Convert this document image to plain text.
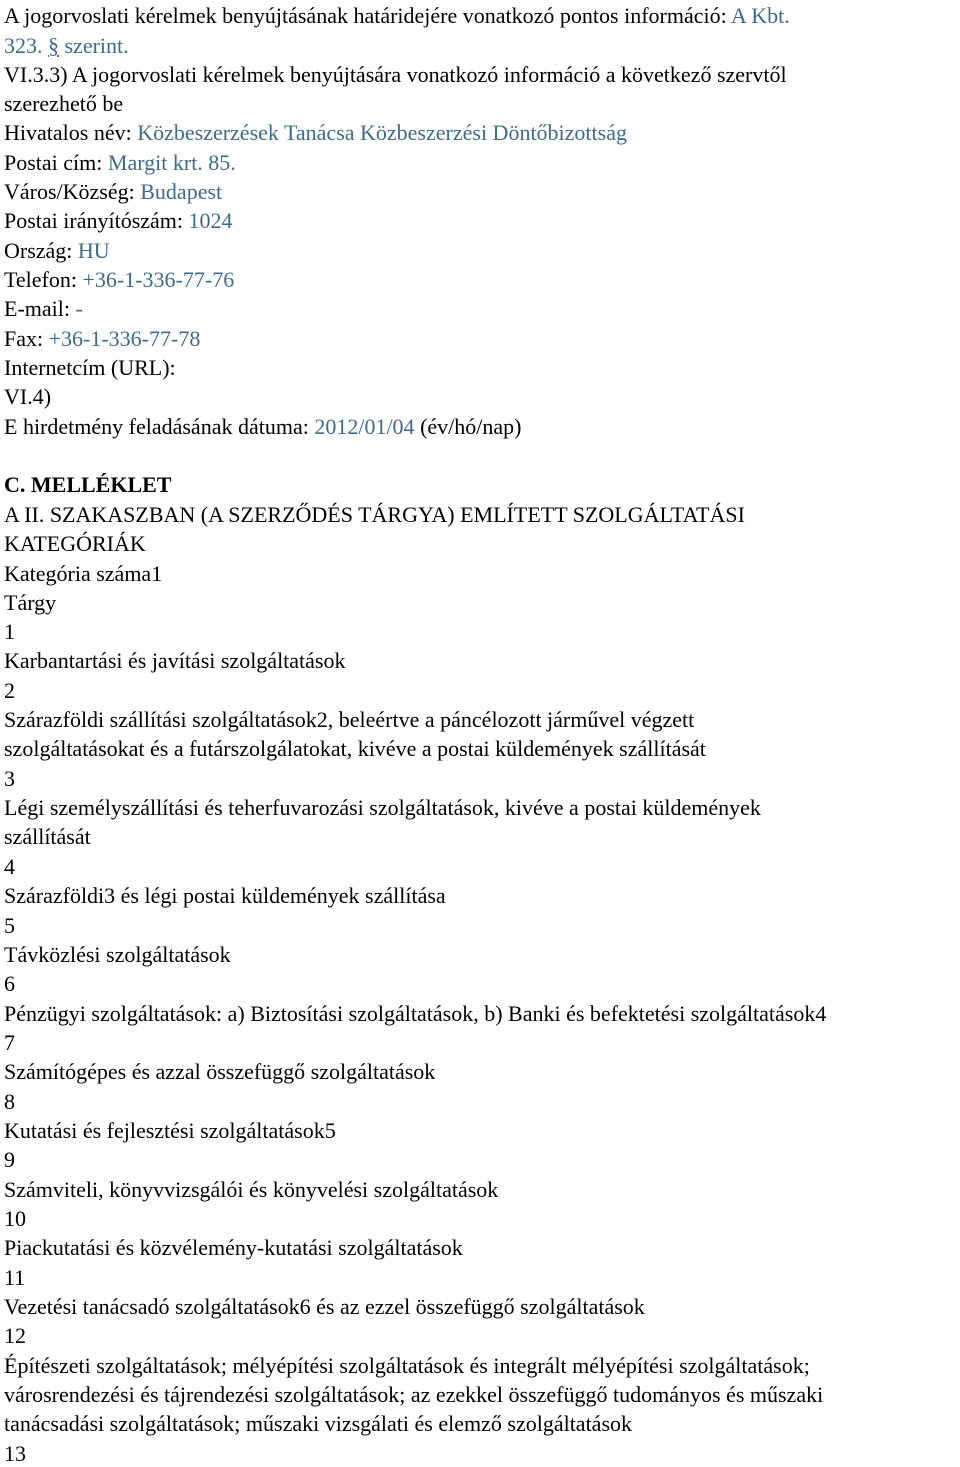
A jogorvoslati kérelmek benyújtásának határidejére vonatkozó pontos információ: A Kbt.

323. § szerint.

VI.3.3) A jogorvoslati kérelmek benyújtására vonatkozó információ a következő szervtől

szerezhető be

Hivatalos név: Közbeszerzések Tanácsa Közbeszerzési Döntőbizottság

Postai cím: Margit krt. 85.

Város/Község: Budapest

Postai irányítószám: 1024

Ország: HU

Telefon: +36-1-336-77-76

E-mail: -

Fax: +36-1-336-77-78

Internetcím (URL):

VI.4)

E hirdetmény feladásának dátuma: 2012/01/04 (év/hó/nap)

C. MELLÉKLET

A II. SZAKASZBAN (A SZERZŐDÉS TÁRGYA) EMLÍTETT SZOLGÁLTATÁSI

KATEGÓRIÁK

Kategória száma1

Tárgy

1

Karbantartási és javítási szolgáltatások

2

Szárazföldi szállítási szolgáltatások2, beleértve a páncélozott járművel végzett

szolgáltatásokat és a futárszolgálatokat, kivéve a postai küldemények szállítását

3

Légi személyszállítási és teherfuvarozási szolgáltatások, kivéve a postai küldemények

szállítását

4

Szárazföldi3 és légi postai küldemények szállítása

5

Távközlési szolgáltatások

6

Pénzügyi szolgáltatások: a) Biztosítási szolgáltatások, b) Banki és befektetési szolgáltatások4

7

Számítógépes és azzal összefüggő szolgáltatások

8

Kutatási és fejlesztési szolgáltatások5

9

Számviteli, könyvvizsgálói és könyvelési szolgáltatások

10

Piackutatási és közvélemény-kutatási szolgáltatások

11

Vezetési tanácsadó szolgáltatások6 és az ezzel összefüggő szolgáltatások

12

Építészeti szolgáltatások; mélyépítési szolgáltatások és integrált mélyépítési szolgáltatások;

városrendezési és tájrendezési szolgáltatások; az ezekkel összefüggő tudományos és műszaki

tanácsadási szolgáltatások; műszaki vizsgálati és elemző szolgáltatások

13
